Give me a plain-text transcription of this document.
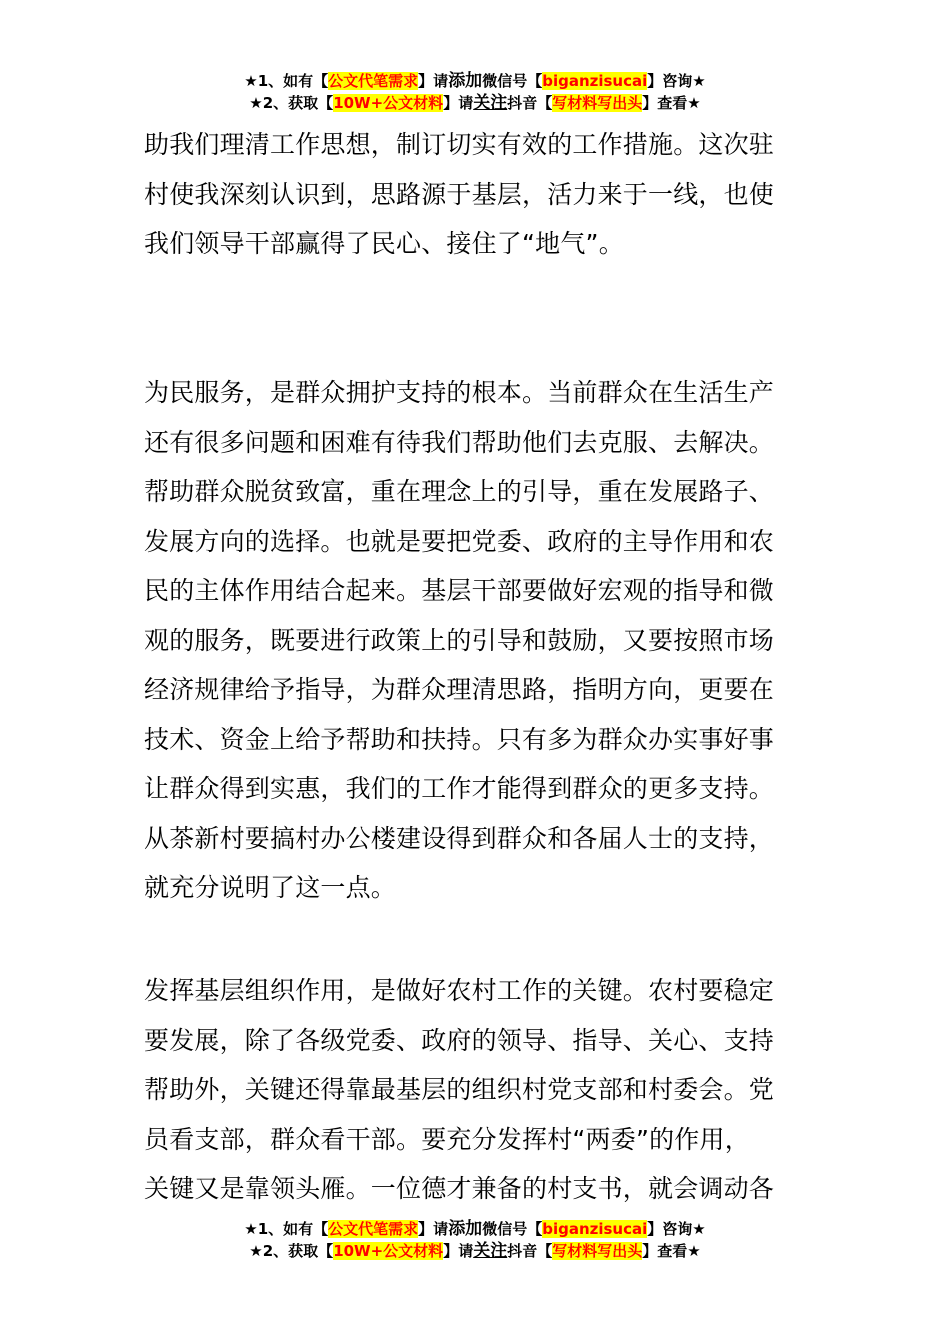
★1、如有【公文代笔需求】请添加微信号【biganzisucai】咨询★
★2、获取【10W+公文材料】请关注抖音【写材料写出头】查看★

助我们理清工作思想，制订切实有效的工作措施。这次驻

村使我深刻认识到，思路源于基层，活力来于一线，也使

我们领导干部赢得了民心、接住了“地气”。

为民服务，是群众拥护支持的根本。当前群众在生活生产

还有很多问题和困难有待我们帮助他们去克服、去解决。

帮助群众脱贫致富，重在理念上的引导，重在发展路子、

发展方向的选择。也就是要把党委、政府的主导作用和农

民的主体作用结合起来。基层干部要做好宏观的指导和微

观的服务，既要进行政策上的引导和鼓励，又要按照市场

经济规律给予指导，为群众理清思路，指明方向，更要在

技术、资金上给予帮助和扶持。只有多为群众办实事好事

让群众得到实惠，我们的工作才能得到群众的更多支持。

从茶新村要搞村办公楼建设得到群众和各届人士的支持，

就充分说明了这一点。

发挥基层组织作用，是做好农村工作的关键。农村要稳定

要发展，除了各级党委、政府的领导、指导、关心、支持

帮助外，关键还得靠最基层的组织村党支部和村委会。党

员看支部，群众看干部。要充分发挥村“两委”的作用，

关键又是靠领头雁。一位德才兼备的村支书，就会调动各

★1、如有【公文代笔需求】请添加微信号【biganzisucai】咨询★
★2、获取【10W+公文材料】请关注抖音【写材料写出头】查看★
